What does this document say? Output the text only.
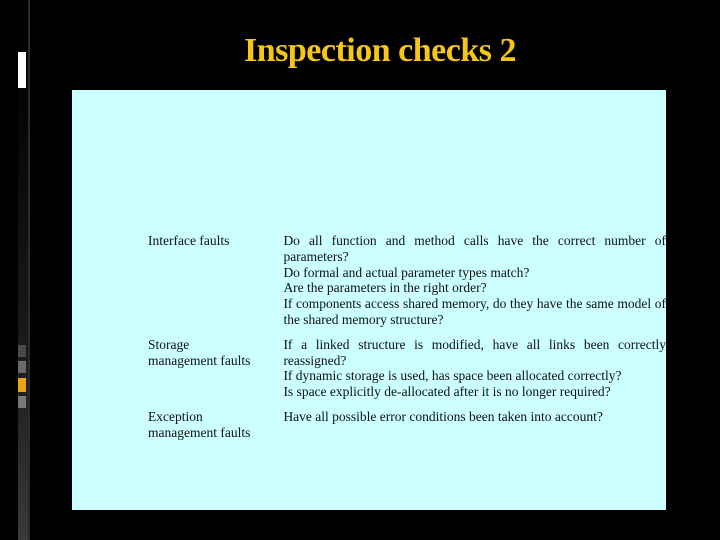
Inspection checks 2
Interface faults	Do all function and method calls have the correct number of parameters?
Do formal and actual parameter types match?
Are the parameters in the right order?
If components access shared memory, do they have the same model of the shared memory structure?

Storage
management faults	If a linked structure is modified, have all links been correctly reassigned?
If dynamic storage is used, has space been allocated correctly?
Is space explicitly de-allocated after it is no longer required?

Exception
management faults	Have all possible error conditions been taken into account?
